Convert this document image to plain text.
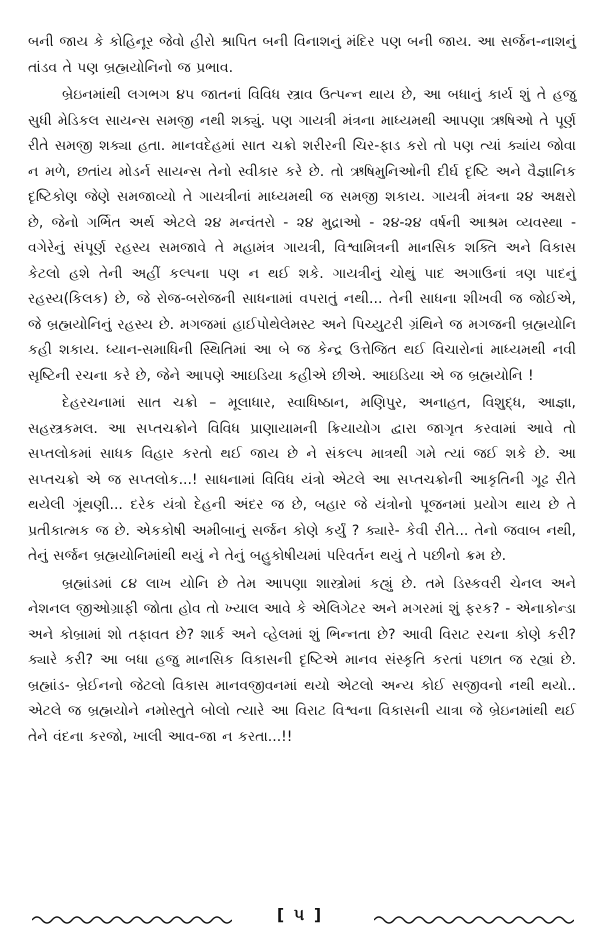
બની જાય કે કોહિનૂર જેવો હીરો શ્રાપિત બની વિનાશનું મંદિર પણ બની જાય. આ સર્જન-નાશનું તાંડવ તે પણ બ્રહ્મયોનિનો જ પ્રભાવ.

બ્રેઇનમાંથી લગભગ ૪૫ જાતનાં વિવિધ સ્ત્રાવ ઉત્પન્ન થાય છે, આ બધાનું કાર્ય શું તે હજુ સુધી મેડિકલ સાયન્સ સમજી નથી શક્યું. પણ ગાયત્રી મંત્રના માધ્યમથી આપણા ઋષિઓ તે પૂર્ણ રીતે સમજી શક્યા હતા. માનવદેહમાં સાત ચક્રો શરીરની ચિર-ફાડ કરો તો પણ ત્યાં ક્યાંય જોવા ન મળે, છતાંય મોડર્ન સાયન્સ તેનો સ્વીકાર કરે છે. તો ઋષિમુનિઓની દીર્ઘ દૃષ્ટિ અને વૈજ્ઞાનિક દૃષ્ટિકોણ જેણે સમજાવ્યો તે ગાયત્રીનાં માધ્યમથી જ સમજી શકાય. ગાયત્રી મંત્રના ૨૪ અક્ષરો છે, જેનો ગર્ભિત અર્થ એટલે ૨૪ મન્વંતરો - ૨૪ મુદ્રાઓ - ૨૪-૨૪ વર્ષની આશ્રમ વ્યવસ્થા - વગેરેનું સંપૂર્ણ રહસ્ય સમજાવે તે મહામંત્ર ગાયત્રી, વિશ્વામિત્રની માનસિક શક્તિ અને વિકાસ કેટલો હશે તેની અહીં કલ્પના પણ ન થઈ શકે. ગાયત્રીનું ચોથું પાદ અગાઉનાં ત્રણ પાદનું રહસ્ય(કિલક) છે, જે રોજ-બરોજની સાધનામાં વપરાતું નથી... તેની સાધના શીખવી જ જોઈએ, જે બ્રહ્મયોનિનું રહસ્ય છે. મગજમાં હાઈપોથેલેમસ્ટ અને પિચ્યુટરી ગ્રંથિને જ મગજની બ્રહ્મયોનિ કહી શકાય. ધ્યાન-સમાધિની સ્થિતિમાં આ બે જ કેન્દ્ર ઉત્તેજિત થઈ વિચારોનાં માધ્યમથી નવી સૃષ્ટિની રચના કરે છે, જેને આપણે આઇડિયા કહીએ છીએ. આઇડિયા એ જ બ્રહ્મયોનિ !

દેહરચનામાં સાત ચક્રો – મૂલાધાર, સ્વાધિષ્ઠાન, મણિપુર, અનાહત, વિશુદ્ધ, આજ્ઞા, સહસ્ત્રકમલ. આ સપ્તચક્રોને વિવિધ પ્રાણાયામની ક્રિયાયોગ દ્વારા જાગૃત કરવામાં આવે તો સપ્તલોકમાં સાધક વિહાર કરતો થઈ જાય છે ને સંકલ્પ માત્રથી ગમે ત્યાં જઈ શકે છે. આ સપ્તચક્રો એ જ સપ્તલોક...! સાધનામાં વિવિધ યંત્રો એટલે આ સપ્તચક્રોની આકૃતિની ગૂઢ રીતે થયેલી ગૂંથણી... દરેક યંત્રો દેહની અંદર જ છે, બહાર જે યંત્રોનો પૂજનમાં પ્રયોગ થાય છે તે પ્રતીકાત્મક જ છે. એકકોષી અમીબાનું સર્જન કોણે કર્યું ? ક્યારે- કેવી રીતે... તેનો જવાબ નથી, તેનું સર્જન બ્રહ્મયોનિમાંથી થયું ને તેનું બહુકોષીયમાં પરિવર્તન થયું તે પછીનો ક્રમ છે.

બ્રહ્માંડમાં ૮૪ લાખ યોનિ છે તેમ આપણા શાસ્ત્રોમાં કહ્યું છે. તમે ડિસ્કવરી ચેનલ અને નેશનલ જીઓગ્રાફી જોતા હોવ તો ખ્યાલ આવે કે એલિગેટર અને મગરમાં શું ફરક? - એનાકોન્ડા અને કોબ્રામાં શો તફાવત છે? શાર્ક અને વ્હેલમાં શું ભિન્નતા છે? આવી વિરાટ રચના કોણે કરી? ક્યારે કરી? આ બધા હજુ માનસિક વિકાસની દૃષ્ટિએ માનવ સંસ્કૃતિ કરતાં પછાત જ રહ્યાં છે. બ્રહ્માંડ- બ્રેઈનનો જેટલો વિકાસ માનવજીવનમાં થયો એટલો અન્ય કોઈ સજીવનો નથી થયો.. એટલે જ બ્રહ્મયોને નમોસ્તુતે બોલો ત્યારે આ વિરાટ વિશ્વના વિકાસની યાત્રા જે બ્રેઇનમાંથી થઈ તેને વંદના કરજો, ખાલી આવ-જા ન કરતા...!!

[ ૫ ]
